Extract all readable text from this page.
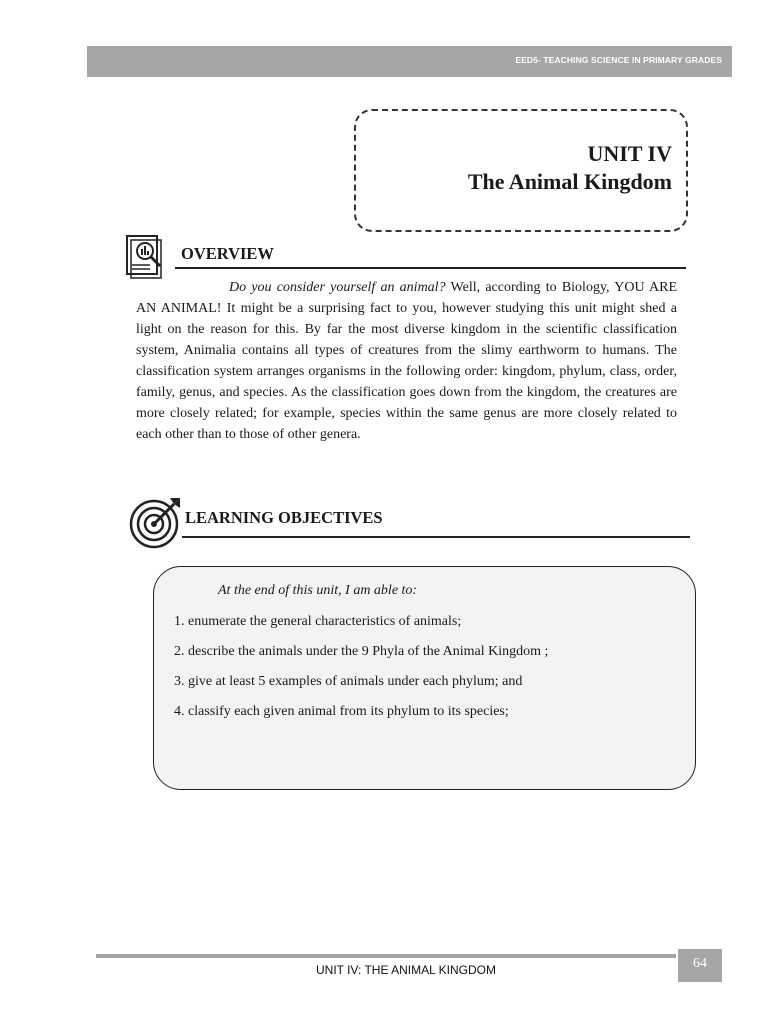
EED5- TEACHING SCIENCE IN PRIMARY GRADES
UNIT IV
The Animal Kingdom
OVERVIEW

Do you consider yourself an animal? Well, according to Biology, YOU ARE AN ANIMAL! It might be a surprising fact to you, however studying this unit might shed a light on the reason for this. By far the most diverse kingdom in the scientific classification system, Animalia contains all types of creatures from the slimy earthworm to humans. The classification system arranges organisms in the following order: kingdom, phylum, class, order, family, genus, and species. As the classification goes down from the kingdom, the creatures are more closely related; for example, species within the same genus are more closely related to each other than to those of other genera.

LEARNING OBJECTIVES
At the end of this unit, I am able to:
1. enumerate the general characteristics of animals;
2. describe the animals under the 9 Phyla of the Animal Kingdom ;
3. give at least 5 examples of animals under each phylum; and
4. classify each given animal from its phylum to its species;
UNIT IV: THE ANIMAL KINGDOM	64
